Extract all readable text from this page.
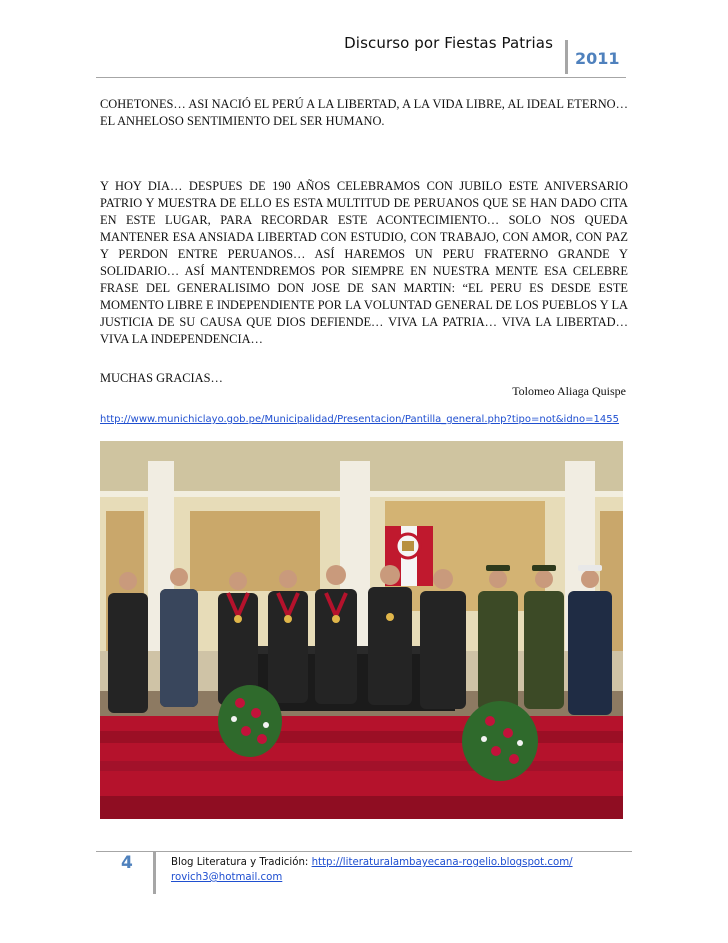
Discurso por Fiestas Patrias
2011

COHETONES… ASI NACIÓ EL PERÚ A LA LIBERTAD, A LA VIDA LIBRE, AL IDEAL ETERNO… EL ANHELOSO SENTIMIENTO DEL SER HUMANO.

Y HOY DIA… DESPUES DE 190 AÑOS CELEBRAMOS CON JUBILO ESTE ANIVERSARIO PATRIO Y MUESTRA DE ELLO ES ESTA MULTITUD DE PERUANOS QUE SE HAN DADO CITA EN ESTE LUGAR, PARA RECORDAR ESTE ACONTECIMIENTO… SOLO NOS QUEDA MANTENER ESA ANSIADA LIBERTAD CON ESTUDIO, CON TRABAJO, CON AMOR, CON PAZ Y PERDON ENTRE PERUANOS… ASÍ HAREMOS UN PERU FRATERNO GRANDE Y SOLIDARIO… ASÍ MANTENDREMOS POR SIEMPRE EN NUESTRA MENTE ESA CELEBRE FRASE DEL GENERALISIMO DON JOSE DE SAN MARTIN: “EL PERU ES DESDE ESTE MOMENTO LIBRE E INDEPENDIENTE POR LA VOLUNTAD GENERAL DE LOS PUEBLOS Y LA JUSTICIA DE SU CAUSA QUE DIOS DEFIENDE… VIVA LA PATRIA… VIVA LA LIBERTAD… VIVA LA INDEPENDENCIA…

MUCHAS GRACIAS…

Tolomeo Aliaga Quispe
http://www.munichiclayo.gob.pe/Municipalidad/Presentacion/Pantilla_general.php?tipo=not&idno=1455
4	Blog Literatura y Tradición: http://literaturalambayecana-rogelio.blogspot.com/
rovich3@hotmail.com
